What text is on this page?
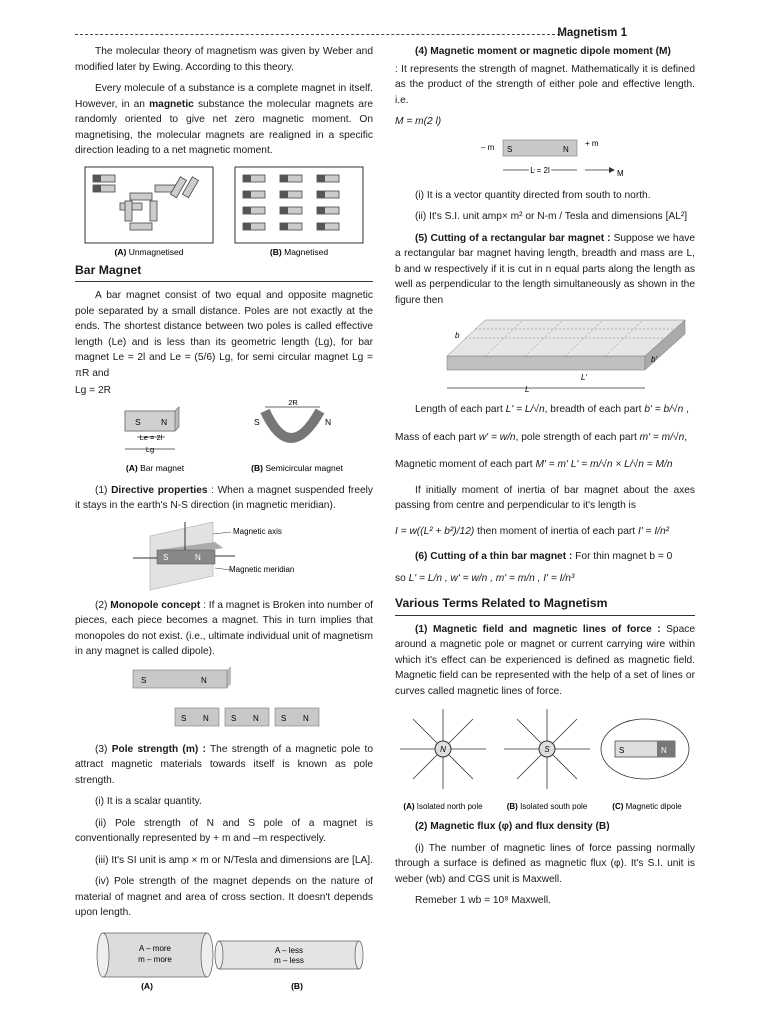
Magnetism 1

The molecular theory of magnetism was given by Weber and modified later by Ewing. According to this theory.

Every molecule of a substance is a complete magnet in itself. However, in an magnetic substance the molecular magnets are randomly oriented to give net zero magnetic moment. On magnetising, the molecular magnets are realigned in a specific direction leading to a net magnetic moment.

(A) Unmagnetised	(B) Magnetised
Bar Magnet

A bar magnet consist of two equal and opposite magnetic pole separated by a small distance. Poles are not exactly at the ends. The shortest distance between two poles is called effective length (Le) and is less than its geometric length (Lg), for bar magnet Le = 2l and Le = (5/6) Lg, for semi circular magnet Lg = πR and

Lg = 2R

S N
Le = 2l
Lg
2R
S	N
(A) Bar magnet	(B) Semicircular magnet

(1) Directive properties : When a magnet suspended freely it stays in the earth's N-S direction (in magnetic meridian).

S	N
Magnetic axis
Magnetic meridian

(2) Monopole concept : If a magnet is Broken into number of pieces, each piece becomes a magnet. This in turn implies that monopoles do not exist. (i.e., ultimate individual unit of magnetism in any magnet is called dipole).

S	N
S N	S N	S N

(3) Pole strength (m) : The strength of a magnetic pole to attract magnetic materials towards itself is known as pole strength.

(i) It is a scalar quantity.

(ii) Pole strength of N and S pole of a magnet is conventionally represented by + m and –m respectively.

(iii) It's SI unit is amp × m or N/Tesla and dimensions are [LA].

(iv) Pole strength of the magnet depends on the nature of material of magnet and area of cross section. It doesn't depends upon length.

A – more
m – more
A – less
m – less
(A)	(B)

(4) Magnetic moment or magnetic dipole moment (M)

: It represents the strength of magnet. Mathematically it is defined as the product of the strength of either pole and effective length. i.e.

M = m(2 l)

– m	+ m
S	N
L = 2l	M

(i) It is a vector quantity directed from south to north.

(ii) It's S.I. unit amp× m² or N-m / Tesla and dimensions [AL²]

(5) Cutting of a rectangular bar magnet : Suppose we have a rectangular bar magnet having length, breadth and mass are L, b and w respectively if it is cut in n equal parts along the length as well as perpendicular to the length simultaneously as shown in the figure then

b
b'
L'
L

Length of each part L' = L/√n, breadth of each part b' = b/√n ,

Mass of each part w' = w/n, pole strength of each part m' = m/√n,

Magnetic moment of each part M' = m' L' = m/√n × L/√n = M/n

If initially moment of inertia of bar magnet about the axes passing from centre and perpendicular to it's length is

I = w((L² + b²)/12) then moment of inertia of each part I' = I/n²

(6) Cutting of a thin bar magnet : For thin magnet b = 0

so L' = L/n , w' = w/n , m' = m/n , I' = I/n³

Various Terms Related to Magnetism

(1) Magnetic field and magnetic lines of force : Space around a magnetic pole or magnet or current carrying wire within which it's effect can be experienced is defined as magnetic field. Magnetic field can be represented with the help of a set of lines or curves called magnetic lines of force.

N	S	S	N
(A) Isolated north pole	(B) Isolated south pole	(C) Magnetic dipole

(2) Magnetic flux (φ) and flux density (B)

(i) The number of magnetic lines of force passing normally through a surface is defined as magnetic flux (φ). It's S.I. unit is weber (wb) and CGS unit is Maxwell.

Remeber 1 wb = 10⁸ Maxwell.
